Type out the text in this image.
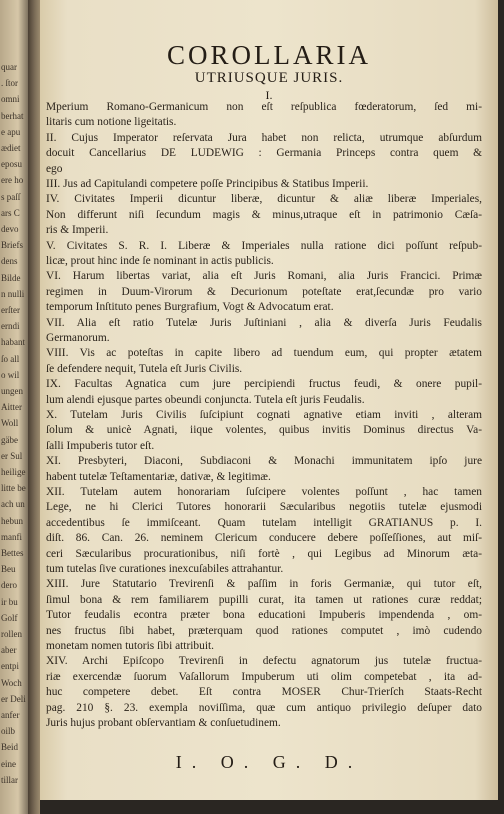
quar
. ſtor
omni
berhat
e apu
ædiet
eposu
ere ho
s paſſ
ars C
devo
Briefs
dens
Bilde
n nulli
erſter
erndi
habant
ſo all
o wil
ungen
Aitter
Woll
gäbe
er Sul
heilige
litte be
ach un
hebun
manfi
Bettes
Beu
dero
ir bu
Golf
rollen
aber
entpi
Woch
er Deli
anfer
oilb
Beid
eine
tillar
COROLLARIA
UTRIUSQUE JURIS.
I.
Mperium Romano-Germanicum non eſt reſpublica fœderatorum, ſed mi-
litaris cum notione ligeitatis.
II. Cujus Imperator reſervata Jura habet non relicta, utrumque abſurdum
docuit Cancellarius DE LUDEWIG : Germania Princeps contra quem &
ego
III. Jus ad Capitulandi competere poſſe Principibus & Statibus Imperii.
IV. Civitates Imperii dicuntur liberæ, dicuntur & aliæ liberæ Imperiales,
Non differunt niſi ſecundum magis & minus,utraque eſt in patrimonio Cæſa-
ris & Imperii.
V. Civitates S. R. I. Liberæ & Imperiales nulla ratione dici poſſunt reſpub-
licæ, prout hinc inde ſe nominant in actis publicis.
VI. Harum libertas variat, alia eſt Juris Romani, alia Juris Francici. Primæ
regimen in Duum-Virorum & Decurionum poteſtate erat,ſecundæ pro vario
temporum Inſtituto penes Burgrafium, Vogt & Advocatum erat.
VII. Alia eſt ratio Tutelæ Juris Juſtiniani , alia & diverſa Juris Feudalis
Germanorum.
VIII. Vis ac poteſtas in capite libero ad tuendum eum, qui propter ætatem
ſe defendere nequit, Tutela eſt Juris Civilis.
IX. Facultas Agnatica cum jure percipiendi fructus feudi, & onere pupil-
lum alendi ejusque partes obeundi conjuncta. Tutela eſt juris Feudalis.
X. Tutelam Juris Civilis ſuſcipiunt cognati agnative etiam inviti , alteram
ſolum & unicè Agnati, iique volentes, quibus invitis Dominus directus Va-
ſalli Impuberis tutor eſt.
XI. Presbyteri, Diaconi, Subdiaconi & Monachi immunitatem ipſo jure
habent tutelæ Teſtamentariæ, dativæ, & legitimæ.
XII. Tutelam autem honorariam ſuſcipere volentes poſſunt , hac tamen
Lege, ne hi Clerici Tutores honorarii Sæcularibus negotiis tutelæ ejusmodi
accedentibus ſe immiſceant. Quam tutelam intelligit GRATIANUS p. I.
diſt. 86. Can. 26. neminem Clericum conducere debere poſſeſſiones, aut miſ-
ceri Sæcularibus procurationibus, niſi fortè , qui Legibus ad Minorum æta-
tum tutelas ſive curationes inexcuſabiles attrahantur.
XIII. Jure Statutario Trevirenſi & paſſim in foris Germaniæ, qui tutor eſt,
ſimul bona & rem familiarem pupilli curat, ita tamen ut rationes curæ reddat;
Tutor feudalis econtra præter bona educationi Impuberis impendenda , om-
nes fructus ſibi habet, præterquam quod rationes computet , imò cudendo
monetam nomen tutoris ſibi attribuit.
XIV. Archi Epiſcopo Trevirenſi in defectu agnatorum jus tutelæ fructua-
riæ exercendæ ſuorum Vaſallorum Impuberum uti olim competebat , ita ad-
huc competere debet. Eſt contra MOSER Chur-Trierſch Staats-Recht
pag. 210 §. 23. exempla noviſſima, quæ cum antiquo privilegio deſuper dato
Juris hujus probant obſervantiam & conſuetudinem.
I. O. G. D.
